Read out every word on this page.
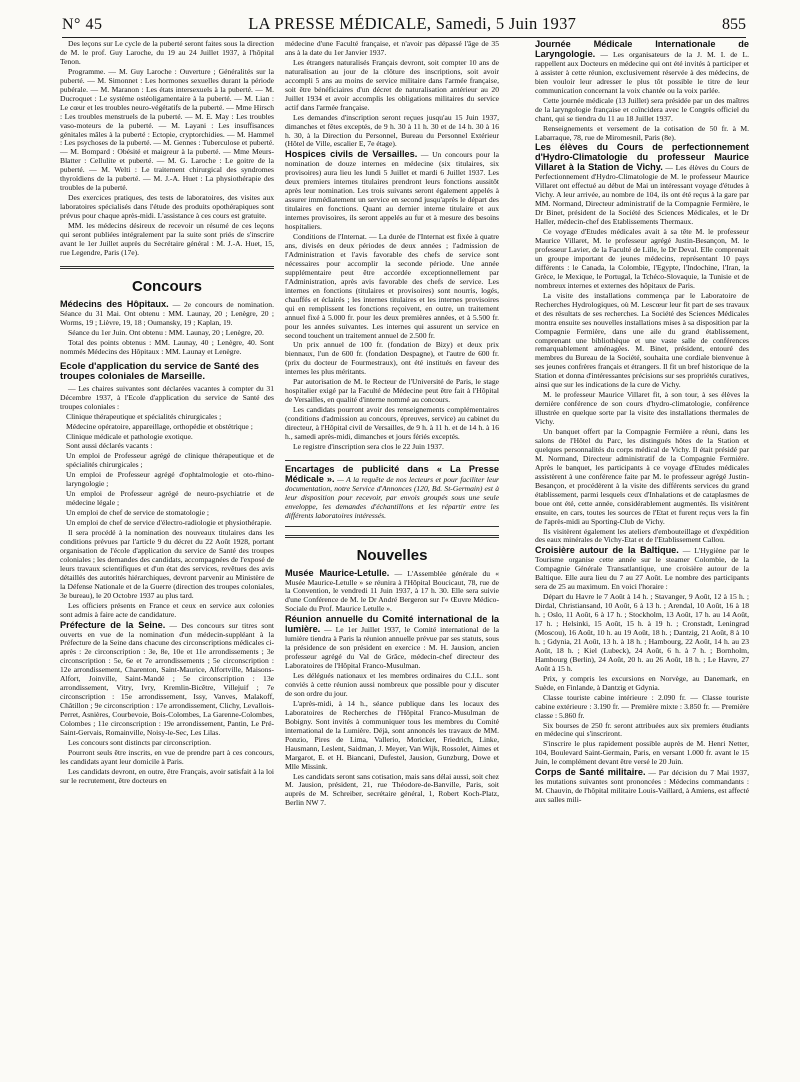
N° 45	LA PRESSE MÉDICALE, Samedi, 5 Juin 1937	855

Des leçons sur Le cycle de la puberté seront faites sous la direction de M. le prof. Guy Laroche, du 19 au 24 Juillet 1937, à l'hôpital Tenon.

Programme. — M. Guy Laroche : Ouverture ; Généralités sur la puberté. — M. Simonnet : Les hormones sexuelles durant la période pubérale. — M. Maranon : Les états intersexuels à la puberté. — M. Ducroquet : Le système ostéoligamentaire à la puberté. — M. Lian : Le cœur et les troubles neuro-végétatifs de la puberté. — Mme Hirsch : Les troubles menstruels de la puberté. — M. E. May : Les troubles vaso-moteurs de la puberté. — M. Layani : Les insuffisances génitales mâles à la puberté : Ectopie, cryptorchidies. — M. Hammel : Les psychoses de la puberté. — M. Gennes : Tuberculose et puberté. — M. Bompard : Obésité et maigreur à la puberté. — Mme Meurs-Blatter : Cellulite et puberté. — M. G. Laroche : Le goitre de la puberté. — M. Welti : Le traitement chirurgical des syndromes thyroïdiens de la puberté. — M. J.-A. Huet : La physiothérapie des troubles de la puberté.

Des exercices pratiques, des tests de laboratoires, des visites aux laboratoires spécialisés dans l'étude des produits opothérapiques sont prévus pour chaque après-midi. L'assistance à ces cours est gratuite.

MM. les médecins désireux de recevoir un résumé de ces leçons qui seront publiées intégralement par la suite sont priés de s'inscrire avant le 1er Juillet auprès du Secrétaire général : M. J.-A. Huet, 15, rue Legendre, Paris (17e).

Concours

Médecins des Hôpitaux. — 2e concours de nomination. Séance du 31 Mai. Ont obtenu : MM. Launay, 20 ; Lenègre, 20 ; Worms, 19 ; Lièvre, 19, 18 ; Oumansky, 19 ; Kaplan, 19.

Séance du 1er Juin. Ont obtenu : MM. Launay, 20 ; Lenègre, 20.

Total des points obtenus : MM. Launay, 40 ; Lenègre, 40. Sont nommés Médecins des Hôpitaux : MM. Launay et Lenègre.

Ecole d'application du service de Santé des troupes coloniales de Marseille.

— Les chaires suivantes sont déclarées vacantes à compter du 31 Décembre 1937, à l'Ecole d'application du service de Santé des troupes coloniales :

Clinique thérapeutique et spécialités chirurgicales ;

Médecine opératoire, appareillage, orthopédie et obstétrique ;

Clinique médicale et pathologie exotique.

Sont aussi déclarés vacants :

Un emploi de Professeur agrégé de clinique thérapeutique et de spécialités chirurgicales ;

Un emploi de Professeur agrégé d'ophtalmologie et oto-rhino-laryngologie ;

Un emploi de Professeur agrégé de neuro-psychiatrie et de médecine légale ;

Un emploi de chef de service de stomatologie ;

Un emploi de chef de service d'électro-radiologie et physiothérapie.

Il sera procédé à la nomination des nouveaux titulaires dans les conditions prévues par l'article 9 du décret du 22 Août 1928, portant organisation de l'école d'application du service de Santé des troupes coloniales ; les demandes des candidats, accompagnées de l'exposé de leurs travaux scientifiques et d'un état des services, revêtues des avis détaillés des autorités hiérarchiques, devront parvenir au Ministère de la Défense Nationale et de la Guerre (direction des troupes coloniales, 3e bureau), le 20 Octobre 1937 au plus tard.

Les officiers présents en France et ceux en service aux colonies sont admis à faire acte de candidature.

Préfecture de la Seine. — Des concours sur titres sont ouverts en vue de la nomination d'un médecin-suppléant à la Préfecture de la Seine dans chacune des circonscriptions médicales ci-après : 2e circonscription : 3e, 8e, 10e et 11e arrondissements ; 3e circonscription : 5e, 6e et 7e arrondissements ; 5e circonscription : 12e arrondissement, Charenton, Saint-Maurice, Alfortville, Maisons-Alfort, Joinville, Saint-Mandé ; 5e circonscription : 13e arrondissement, Vitry, Ivry, Kremlin-Bicêtre, Villejuif ; 7e circonscription : 15e arrondissement, Issy, Vanves, Malakoff, Châtillon ; 9e circonscription : 17e arrondissement, Clichy, Levallois-Perret, Asnières, Courbevoie, Bois-Colombes, La Garenne-Colombes, Colombes ; 11e circonscription : 19e arrondissement, Pantin, Le Pré-Saint-Gervais, Romainville, Noisy-le-Sec, Les Lilas.

Les concours sont distincts par circonscription.

Pourront seuls être inscrits, en vue de prendre part à ces concours, les candidats ayant leur domicile à Paris.

Les candidats devront, en outre, être Français, avoir satisfait à la loi sur le recrutement, être docteurs en

médecine d'une Faculté française, et n'avoir pas dépassé l'âge de 35 ans à la date du 1er Janvier 1937.

Les étrangers naturalisés Français devront, soit compter 10 ans de naturalisation au jour de la clôture des inscriptions, soit avoir accompli 5 ans au moins de service militaire dans l'armée française, soit être bénéficiaires d'un décret de naturalisation antérieur au 20 Juillet 1934 et avoir accomplis les obligations militaires du service actif dans l'armée française.

Les demandes d'inscription seront reçues jusqu'au 15 Juin 1937, dimanches et fêtes exceptés, de 9 h. 30 à 11 h. 30 et de 14 h. 30 à 16 h. 30, à la Direction du Personnel, Bureau du Personnel Extérieur (Hôtel de Ville, escalier E, 7e étage).

Hospices civils de Versailles. — Un concours pour la nomination de douze internes en médecine (six titulaires, six provisoires) aura lieu les lundi 5 Juillet et mardi 6 Juillet 1937. Les deux premiers internes titulaires prendront leurs fonctions aussitôt après leur nomination. Les trois suivants seront également appelés à assurer immédiatement un service en second jusqu'après le départ des titulaires en fonctions. Quant au dernier interne titulaire et aux internes provisoires, ils seront appelés au fur et à mesure des besoins hospitaliers.

Conditions de l'Internat. — La durée de l'Internat est fixée à quatre ans, divisés en deux périodes de deux années ; l'admission de l'Administration et l'avis favorable des chefs de service sont nécessaires pour accomplir la seconde période. Une année supplémentaire peut être accordée exceptionnellement par l'Administration, après avis favorable des chefs de service. Les internes en fonctions (titulaires et provisoires) sont nourris, logés, chauffés et éclairés ; les internes titulaires et les internes provisoires qui en remplissent les fonctions reçoivent, en outre, un traitement annuel fixé à 5.000 fr. pour les deux premières années, et à 5.500 fr. pour les années suivantes. Les internes qui assurent un service en second touchent un traitement annuel de 2.500 fr.

Un prix annuel de 100 fr. (fondation de Bizy) et deux prix biennaux, l'un de 600 fr. (fondation Despagne), et l'autre de 600 fr. (prix du docteur de Fourmestraux), ont été institués en faveur des internes les plus méritants.

Par autorisation de M. le Recteur de l'Université de Paris, le stage hospitalier exigé par la Faculté de Médecine peut être fait à l'Hôpital de Versailles, en qualité d'interne nommé au concours.

Les candidats pourront avoir des renseignements complémentaires (conditions d'admission au concours, épreuves, service) au cabinet du directeur, à l'Hôpital civil de Versailles, de 9 h. à 11 h. et de 14 h. à 16 h., samedi après-midi, dimanches et jours fériés exceptés.

Le registre d'inscription sera clos le 22 Juin 1937.

Encartages de publicité dans « La Presse Médicale ». — A la requête de nos lecteurs et pour faciliter leur documentation, notre Service d'Annonces (120, Bd. St-Germain) est à leur disposition pour recevoir, par envois groupés sous une seule enveloppe, les demandes d'échantillons et les répartir entre les différents laboratoires intéressés.

Nouvelles

Musée Maurice-Letulle. — L'Assemblée générale du « Musée Maurice-Letulle » se réunira à l'Hôpital Boucicaut, 78, rue de la Convention, le vendredi 11 Juin 1937, à 17 h. 30. Elle sera suivie d'une Conférence de M. le Dr André Bergeron sur l'« Œuvre Médico-Sociale du Prof. Maurice Letulle ».

Réunion annuelle du Comité international de la lumière. — Le 1er Juillet 1937, le Comité international de la lumière tiendra à Paris la réunion annuelle prévue par ses statuts, sous la présidence de son président en exercice : M. H. Jausion, ancien professeur agrégé du Val de Grâce, médecin-chef directeur des Laboratoires de l'Hôpital Franco-Musulman.

Les délégués nationaux et les membres ordinaires du C.I.L. sont conviés à cette réunion aussi nombreux que possible pour y discuter de son ordre du jour.

L'après-midi, à 14 h., séance publique dans les locaux des Laboratoires de Recherches de l'Hôpital Franco-Musulman de Bobigny. Sont invités à communiquer tous les membres du Comité international de la Lumière. Déjà, sont annoncés les travaux de MM. Ponzio, Pires de Lima, Vallerio, Moricker, Friedrich, Linke, Hausmann, Leslent, Saidman, J. Meyer, Van Wijk, Rossolet, Aimes et Margarot, E. et H. Biancani, Dufestel, Jausion, Gunzburg, Dowe et Mlle Missink.

Les candidats seront sans cotisation, mais sans délai aussi, soit chez M. Jausion, président, 21, rue Théodore-de-Banville, Paris, soit auprès de M. Schreiber, secrétaire général, 1, Robert Koch-Platz, Berlin NW 7.

Journée Médicale Internationale de Laryngologie. — Les organisateurs de la J. M. I. de L. rappellent aux Docteurs en médecine qui ont été invités à participer et à assister à cette réunion, exclusivement réservée à des médecins, de bien vouloir leur adresser le plus tôt possible le titre de leur communication concernant la voix chantée ou la voix parlée.

Cette journée médicale (13 Juillet) sera présidée par un des maîtres de la laryngologie française et coïncidera avec le Congrès officiel du chant, qui se tiendra du 11 au 18 Juillet 1937.

Renseignements et versement de la cotisation de 50 fr. à M. Labarraque, 78, rue de Miromesnil, Paris (8e).

Les élèves du Cours de perfectionnement d'Hydro-Climatologie du professeur Maurice Villaret à la Station de Vichy. — Les élèves du Cours de Perfectionnement d'Hydro-Climatologie de M. le professeur Maurice Villaret ont effectué au début de Mai un intéressant voyage d'études à Vichy. A leur arrivée, au nombre de 104, ils ont été reçus à la gare par MM. Normand, Directeur administratif de la Compagnie Fermière, le Dr Binet, président de la Société des Sciences Médicales, et le Dr Haller, médecin-chef des Etablissements Thermaux.

Ce voyage d'Etudes médicales avait à sa tête M. le professeur Maurice Villaret, M. le professeur agrégé Justin-Besançon, M. le professeur Lavier, de la Faculté de Lille, le Dr Deval. Elle comprenait un groupe important de jeunes médecins, représentant 10 pays différents : le Canada, la Colombie, l'Egypte, l'Indochine, l'Iran, la Grèce, le Mexique, le Portugal, la Tchéco-Slovaquie, la Tunisie et de nombreux internes et externes des hôpitaux de Paris.

La visite des installations commença par le Laboratoire de Recherches Hydrologiques, où M. Lescœur leur fit part de ses travaux et des résultats de ses recherches. La Société des Sciences Médicales montra ensuite ses nouvelles installations mises à sa disposition par la Compagnie Fermière, dans une aile du grand établissement, comprenant une bibliothèque et une vaste salle de conférences remarquablement aménagées. M. Binet, président, entouré des membres du Bureau de la Société, souhaita une cordiale bienvenue à ses jeunes confrères français et étrangers. Il fit un bref historique de la Station et donna d'intéressantes précisions sur ses propriétés curatives, ainsi que sur les indications de la cure de Vichy.

M. le professeur Maurice Villaret fit, à son tour, à ses élèves la dernière conférence de son cours d'hydro-climatologie, conférence illustrée en quelque sorte par la visite des installations thermales de Vichy.

Un banquet offert par la Compagnie Fermière a réuni, dans les salons de l'Hôtel du Parc, les distingués hôtes de la Station et quelques personnalités du corps médical de Vichy. Il était présidé par M. Normand, Directeur administratif de la Compagnie Fermière. Après le banquet, les participants à ce voyage d'Etudes médicales assistèrent à une conférence faite par M. le professeur agrégé Justin-Besançon, et procédèrent à la visite des différents services du grand établissement, parmi lesquels ceux d'Inhalations et de cataplasmes de boue ont été, cette année, considérablement augmentés. Ils visitèrent ensuite, en cars, toutes les sources de l'Etat et furent reçus vers la fin de l'après-midi au Sporting-Club de Vichy.

Ils visitèrent également les ateliers d'embouteillage et d'expédition des eaux minérales de Vichy-Etat et de l'Etablissement Callou.

Croisière autour de la Baltique. — L'Hygiène par le Tourisme organise cette année sur le steamer Colombie, de la Compagnie Générale Transatlantique, une croisière autour de la Baltique. Elle aura lieu du 7 au 27 Août. Le nombre des participants sera de 25 au maximum. En voici l'horaire :

Départ du Havre le 7 Août à 14 h. ; Stavanger, 9 Août, 12 à 15 h. ; Dirdal, Christiansand, 10 Août, 6 à 13 h. ; Arendal, 10 Août, 16 à 18 h. ; Oslo, 11 Août, 6 à 17 h. ; Stockholm, 13 Août, 17 h. au 14 Août, 17 h. ; Helsinki, 15 Août, 15 h. à 19 h. ; Cronstadt, Leningrad (Moscou), 16 Août, 10 h. au 19 Août, 18 h. ; Dantzig, 21 Août, 8 à 10 h. ; Gdynia, 21 Août, 13 h. à 18 h. ; Hambourg, 22 Août, 14 h. au 23 Août, 18 h. ; Kiel (Lubeck), 24 Août, 6 h. à 7 h. ; Bornholm, Hambourg (Berlin), 24 Août, 20 h. au 26 Août, 18 h. ; Le Havre, 27 Août à 15 h.

Prix, y compris les excursions en Norvège, au Danemark, en Suède, en Finlande, à Dantzig et Gdynia.

Classe touriste cabine intérieure : 2.090 fr. — Classe touriste cabine extérieure : 3.190 fr. — Première mixte : 3.850 fr. — Première classe : 5.860 fr.

Six bourses de 250 fr. seront attribuées aux six premiers étudiants en médecine qui s'inscriront.

S'inscrire le plus rapidement possible auprès de M. Henri Netter, 104, Boulevard Saint-Germain, Paris, en versant 1.000 fr. avant le 15 Juin, le complément devant être versé le 20 Juin.

Corps de Santé militaire. — Par décision du 7 Mai 1937, les mutations suivantes sont prononcées : Médecins commandants : M. Chauvin, de l'hôpital militaire Louis-Vaillard, à Amiens, est affecté aux salles mili-
